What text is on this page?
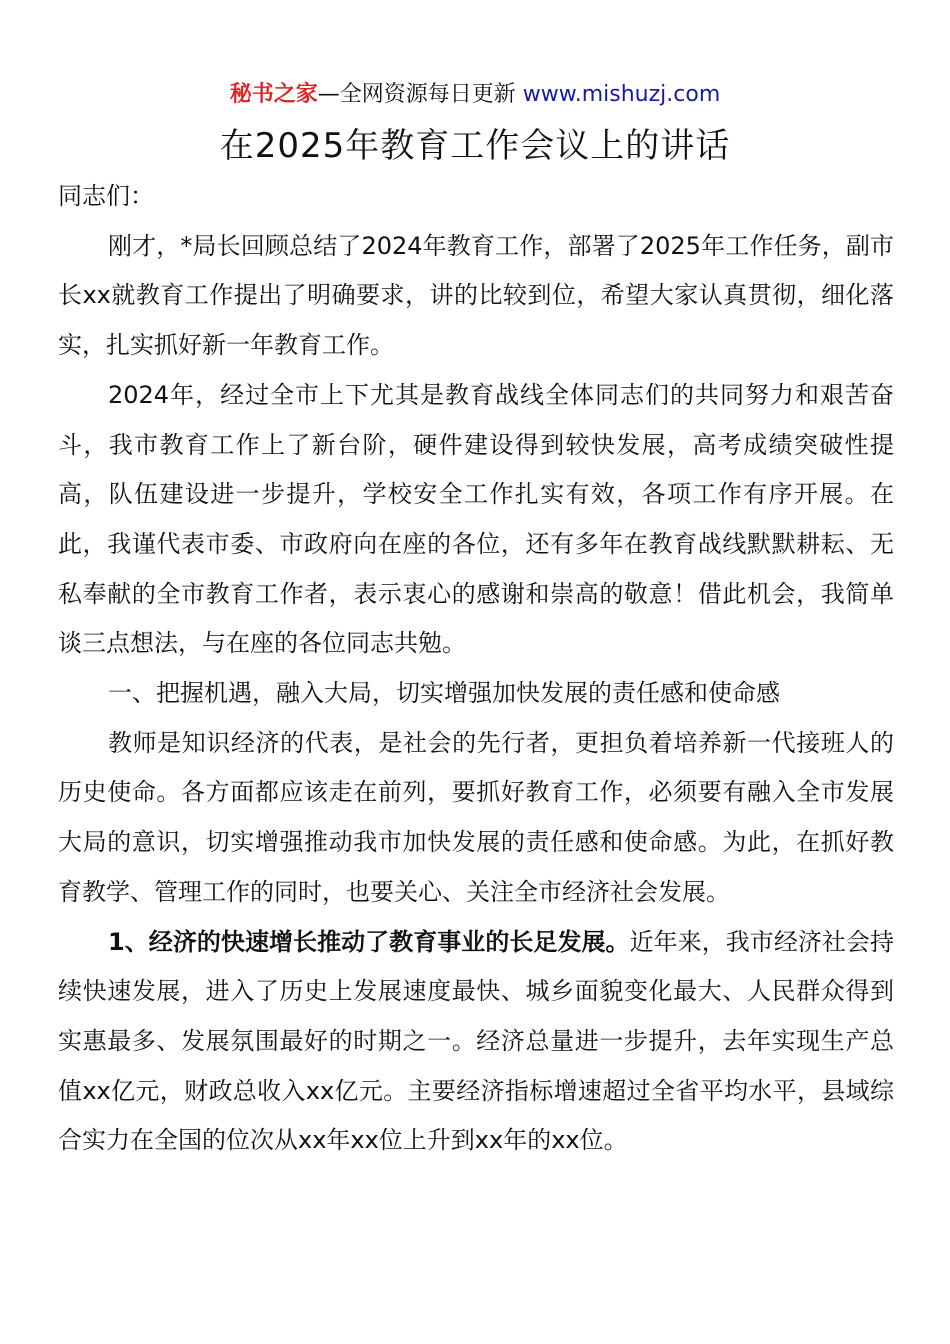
秘书之家—全网资源每日更新 www.mishuzj.com
在2025年教育工作会议上的讲话

同志们：

刚才，*局长回顾总结了2024年教育工作，部署了2025年工作任务，副市长xx就教育工作提出了明确要求，讲的比较到位，希望大家认真贯彻，细化落实，扎实抓好新一年教育工作。

2024年，经过全市上下尤其是教育战线全体同志们的共同努力和艰苦奋斗，我市教育工作上了新台阶，硬件建设得到较快发展，高考成绩突破性提高，队伍建设进一步提升，学校安全工作扎实有效，各项工作有序开展。在此，我谨代表市委、市政府向在座的各位，还有多年在教育战线默默耕耘、无私奉献的全市教育工作者，表示衷心的感谢和崇高的敬意！借此机会，我简单谈三点想法，与在座的各位同志共勉。

一、把握机遇，融入大局，切实增强加快发展的责任感和使命感

教师是知识经济的代表，是社会的先行者，更担负着培养新一代接班人的历史使命。各方面都应该走在前列，要抓好教育工作，必须要有融入全市发展大局的意识，切实增强推动我市加快发展的责任感和使命感。为此，在抓好教育教学、管理工作的同时，也要关心、关注全市经济社会发展。

1、经济的快速增长推动了教育事业的长足发展。近年来，我市经济社会持续快速发展，进入了历史上发展速度最快、城乡面貌变化最大、人民群众得到实惠最多、发展氛围最好的时期之一。经济总量进一步提升，去年实现生产总值xx亿元，财政总收入xx亿元。主要经济指标增速超过全省平均水平，县域综合实力在全国的位次从xx年xx位上升到xx年的xx位。
